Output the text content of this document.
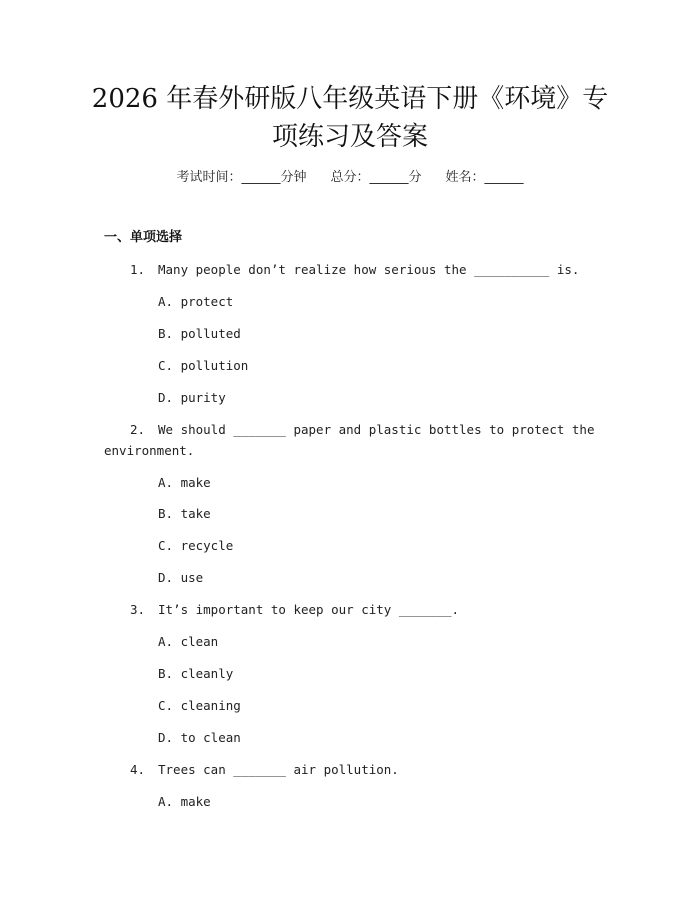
2026 年春外研版八年级英语下册《环境》专
项练习及答案
考试时间：______分钟 总分：______分 姓名：______
一、单项选择
1. Many people don’t realize how serious the __________ is.
A. protect
B. polluted
C. pollution
D. purity
2. We should _______ paper and plastic bottles to protect the
environment.
A. make
B. take
C. recycle
D. use
3. It’s important to keep our city _______.
A. clean
B. cleanly
C. cleaning
D. to clean
4. Trees can _______ air pollution.
A. make
